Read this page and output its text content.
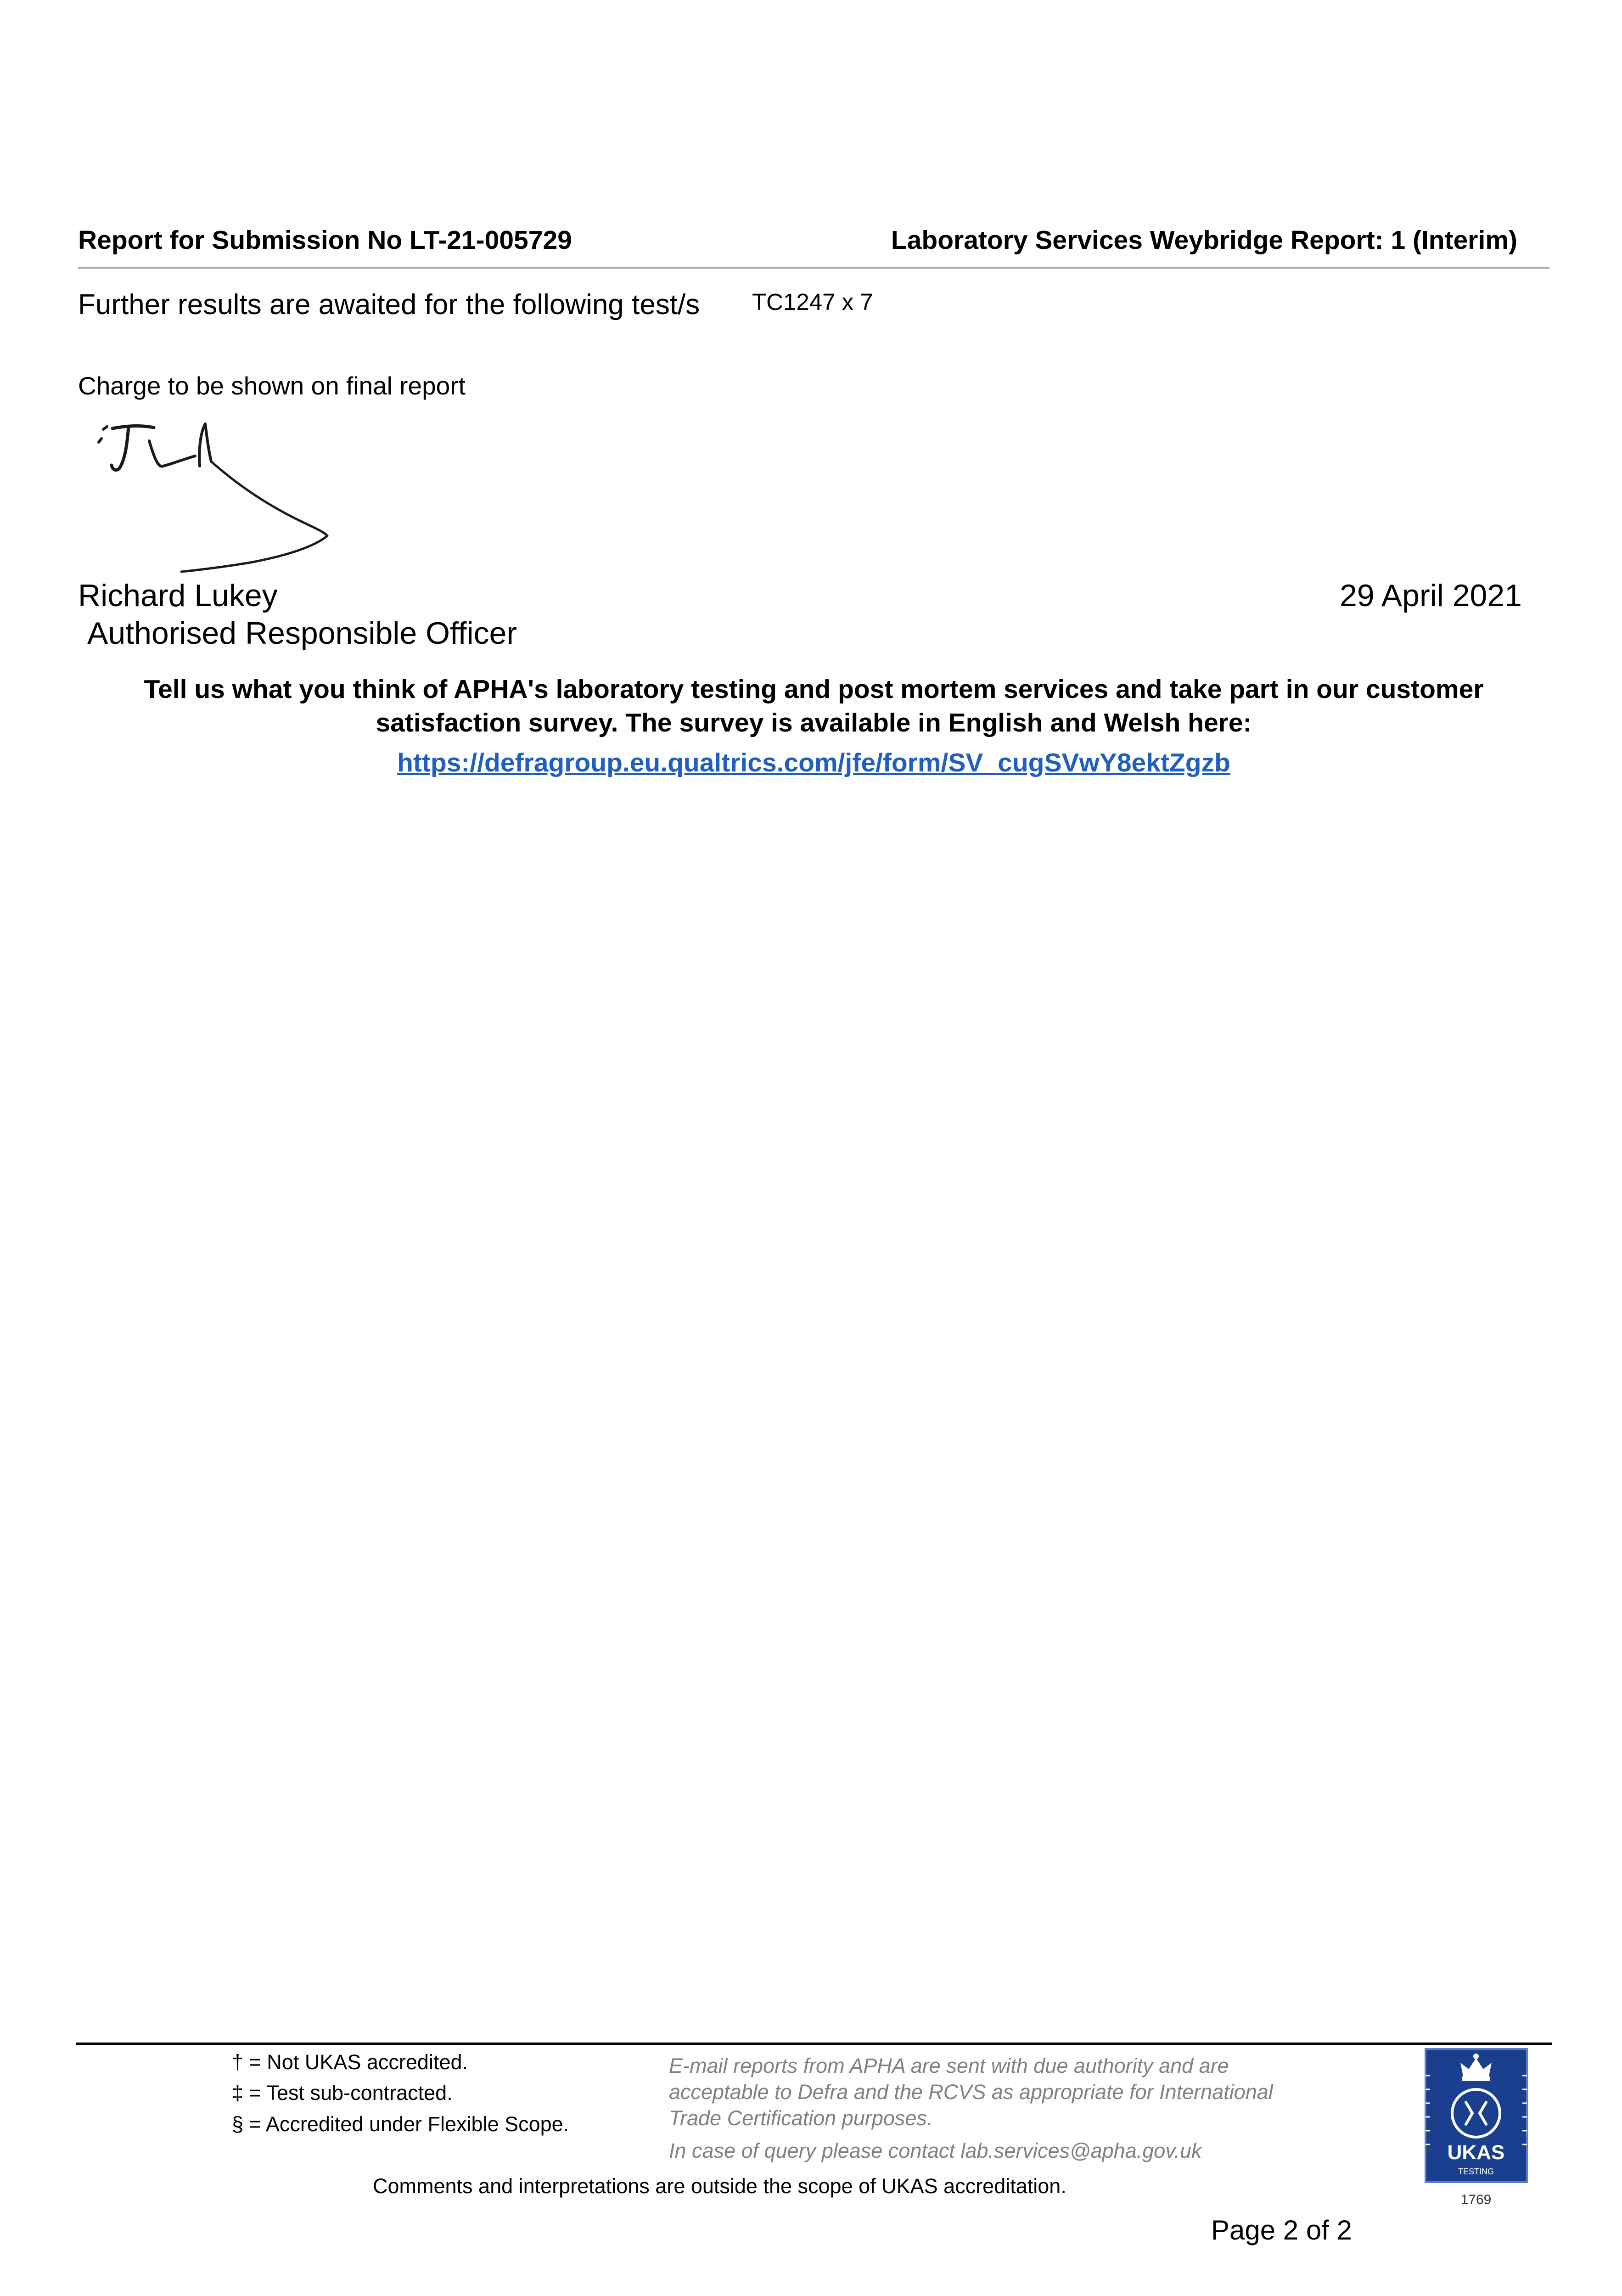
Report for Submission No LT-21-005729	Laboratory Services Weybridge Report: 1 (Interim)
Further results are awaited for the following test/s TC1247 x 7
Charge to be shown on final report
Richard Lukey	29 April 2021
Authorised Responsible Officer
Tell us what you think of APHA's laboratory testing and post mortem services and take part in our customer
satisfaction survey. The survey is available in English and Welsh here:
https://defragroup.eu.qualtrics.com/jfe/form/SV_cugSVwY8ektZgzb
† = Not UKAS accredited.
‡ = Test sub-contracted.
§ = Accredited under Flexible Scope.
E-mail reports from APHA are sent with due authority and are
acceptable to Defra and the RCVS as appropriate for International
Trade Certification purposes.
In case of query please contact lab.services@apha.gov.uk
Comments and interpretations are outside the scope of UKAS accreditation.
Page 2 of 2
UKAS
TESTING
1769
